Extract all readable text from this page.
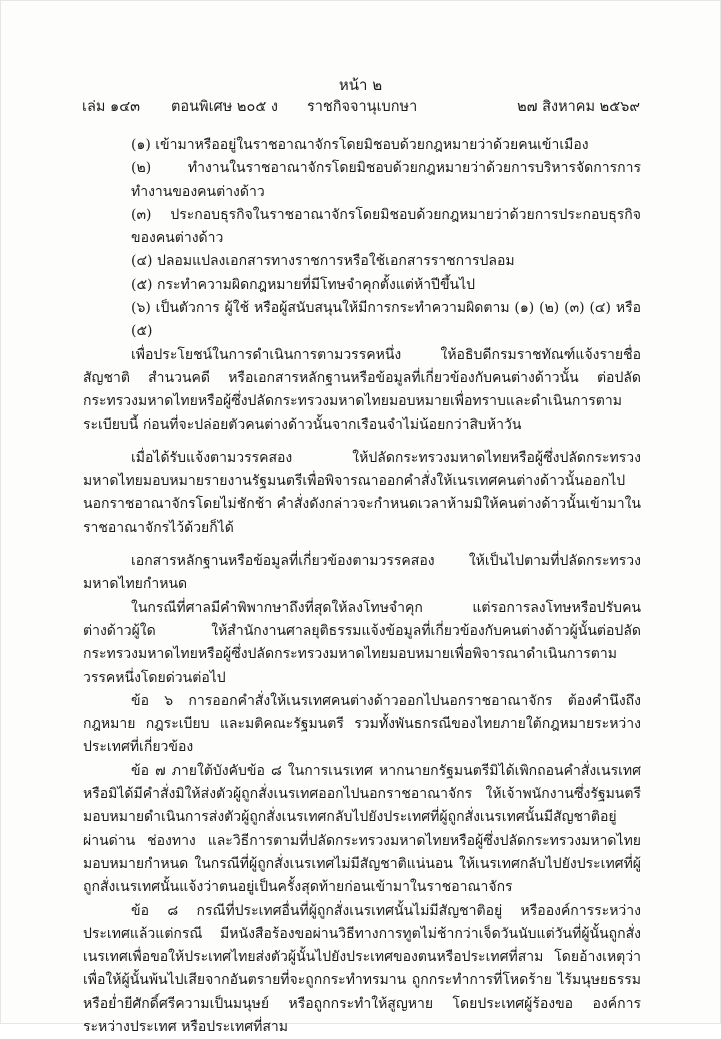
หน้า ๒
เล่ม ๑๔๓ ตอนพิเศษ ๒๐๕ ง ราชกิจจานุเบกษา	๒๗ สิงหาคม ๒๕๖๙

(๑) เข้ามาหรืออยู่ในราชอาณาจักรโดยมิชอบด้วยกฎหมายว่าด้วยคนเข้าเมือง

(๒) ทำงานในราชอาณาจักรโดยมิชอบด้วยกฎหมายว่าด้วยการบริหารจัดการการทำงานของคนต่างด้าว

(๓) ประกอบธุรกิจในราชอาณาจักรโดยมิชอบด้วยกฎหมายว่าด้วยการประกอบธุรกิจของคนต่างด้าว

(๔) ปลอมแปลงเอกสารทางราชการหรือใช้เอกสารราชการปลอม

(๕) กระทำความผิดกฎหมายที่มีโทษจำคุกตั้งแต่ห้าปีขึ้นไป

(๖) เป็นตัวการ ผู้ใช้ หรือผู้สนับสนุนให้มีการกระทำความผิดตาม (๑) (๒) (๓) (๔) หรือ (๕)

เพื่อประโยชน์ในการดำเนินการตามวรรคหนึ่ง ให้อธิบดีกรมราชทัณฑ์แจ้งรายชื่อ สัญชาติ สำนวนคดี หรือเอกสารหลักฐานหรือข้อมูลที่เกี่ยวข้องกับคนต่างด้าวนั้น ต่อปลัดกระทรวงมหาดไทยหรือผู้ซึ่งปลัดกระทรวงมหาดไทยมอบหมายเพื่อทราบและดำเนินการตามระเบียบนี้ ก่อนที่จะปล่อยตัวคนต่างด้าวนั้นจากเรือนจำไม่น้อยกว่าสิบห้าวัน

เมื่อได้รับแจ้งตามวรรคสอง ให้ปลัดกระทรวงมหาดไทยหรือผู้ซึ่งปลัดกระทรวงมหาดไทยมอบหมายรายงานรัฐมนตรีเพื่อพิจารณาออกคำสั่งให้เนรเทศคนต่างด้าวนั้นออกไปนอกราชอาณาจักรโดยไม่ชักช้า คำสั่งดังกล่าวจะกำหนดเวลาห้ามมิให้คนต่างด้าวนั้นเข้ามาในราชอาณาจักรไว้ด้วยก็ได้

เอกสารหลักฐานหรือข้อมูลที่เกี่ยวข้องตามวรรคสอง ให้เป็นไปตามที่ปลัดกระทรวงมหาดไทยกำหนด

ในกรณีที่ศาลมีคำพิพากษาถึงที่สุดให้ลงโทษจำคุก แต่รอการลงโทษหรือปรับคนต่างด้าวผู้ใด ให้สำนักงานศาลยุติธรรมแจ้งข้อมูลที่เกี่ยวข้องกับคนต่างด้าวผู้นั้นต่อปลัดกระทรวงมหาดไทยหรือผู้ซึ่งปลัดกระทรวงมหาดไทยมอบหมายเพื่อพิจารณาดำเนินการตามวรรคหนึ่งโดยด่วนต่อไป

ข้อ ๖ การออกคำสั่งให้เนรเทศคนต่างด้าวออกไปนอกราชอาณาจักร ต้องคำนึงถึงกฎหมาย กฎระเบียบ และมติคณะรัฐมนตรี รวมทั้งพันธกรณีของไทยภายใต้กฎหมายระหว่างประเทศที่เกี่ยวข้อง

ข้อ ๗ ภายใต้บังคับข้อ ๘ ในการเนรเทศ หากนายกรัฐมนตรีมิได้เพิกถอนคำสั่งเนรเทศหรือมิได้มีคำสั่งมิให้ส่งตัวผู้ถูกสั่งเนรเทศออกไปนอกราชอาณาจักร ให้เจ้าพนักงานซึ่งรัฐมนตรีมอบหมายดำเนินการส่งตัวผู้ถูกสั่งเนรเทศกลับไปยังประเทศที่ผู้ถูกสั่งเนรเทศนั้นมีสัญชาติอยู่ ผ่านด่าน ช่องทาง และวิธีการตามที่ปลัดกระทรวงมหาดไทยหรือผู้ซึ่งปลัดกระทรวงมหาดไทยมอบหมายกำหนด ในกรณีที่ผู้ถูกสั่งเนรเทศไม่มีสัญชาติแน่นอน ให้เนรเทศกลับไปยังประเทศที่ผู้ถูกสั่งเนรเทศนั้นแจ้งว่าตนอยู่เป็นครั้งสุดท้ายก่อนเข้ามาในราชอาณาจักร

ข้อ ๘ กรณีที่ประเทศอื่นที่ผู้ถูกสั่งเนรเทศนั้นไม่มีสัญชาติอยู่ หรือองค์การระหว่างประเทศแล้วแต่กรณี มีหนังสือร้องขอผ่านวิธีทางการทูตไม่ช้ากว่าเจ็ดวันนับแต่วันที่ผู้นั้นถูกสั่งเนรเทศเพื่อขอให้ประเทศไทยส่งตัวผู้นั้นไปยังประเทศของตนหรือประเทศที่สาม โดยอ้างเหตุว่าเพื่อให้ผู้นั้นพ้นไปเสียจากอันตรายที่จะถูกกระทำทรมาน ถูกกระทำการที่โหดร้าย ไร้มนุษยธรรม หรือย่ำยีศักดิ์ศรีความเป็นมนุษย์ หรือถูกกระทำให้สูญหาย โดยประเทศผู้ร้องขอ องค์การระหว่างประเทศ หรือประเทศที่สาม
